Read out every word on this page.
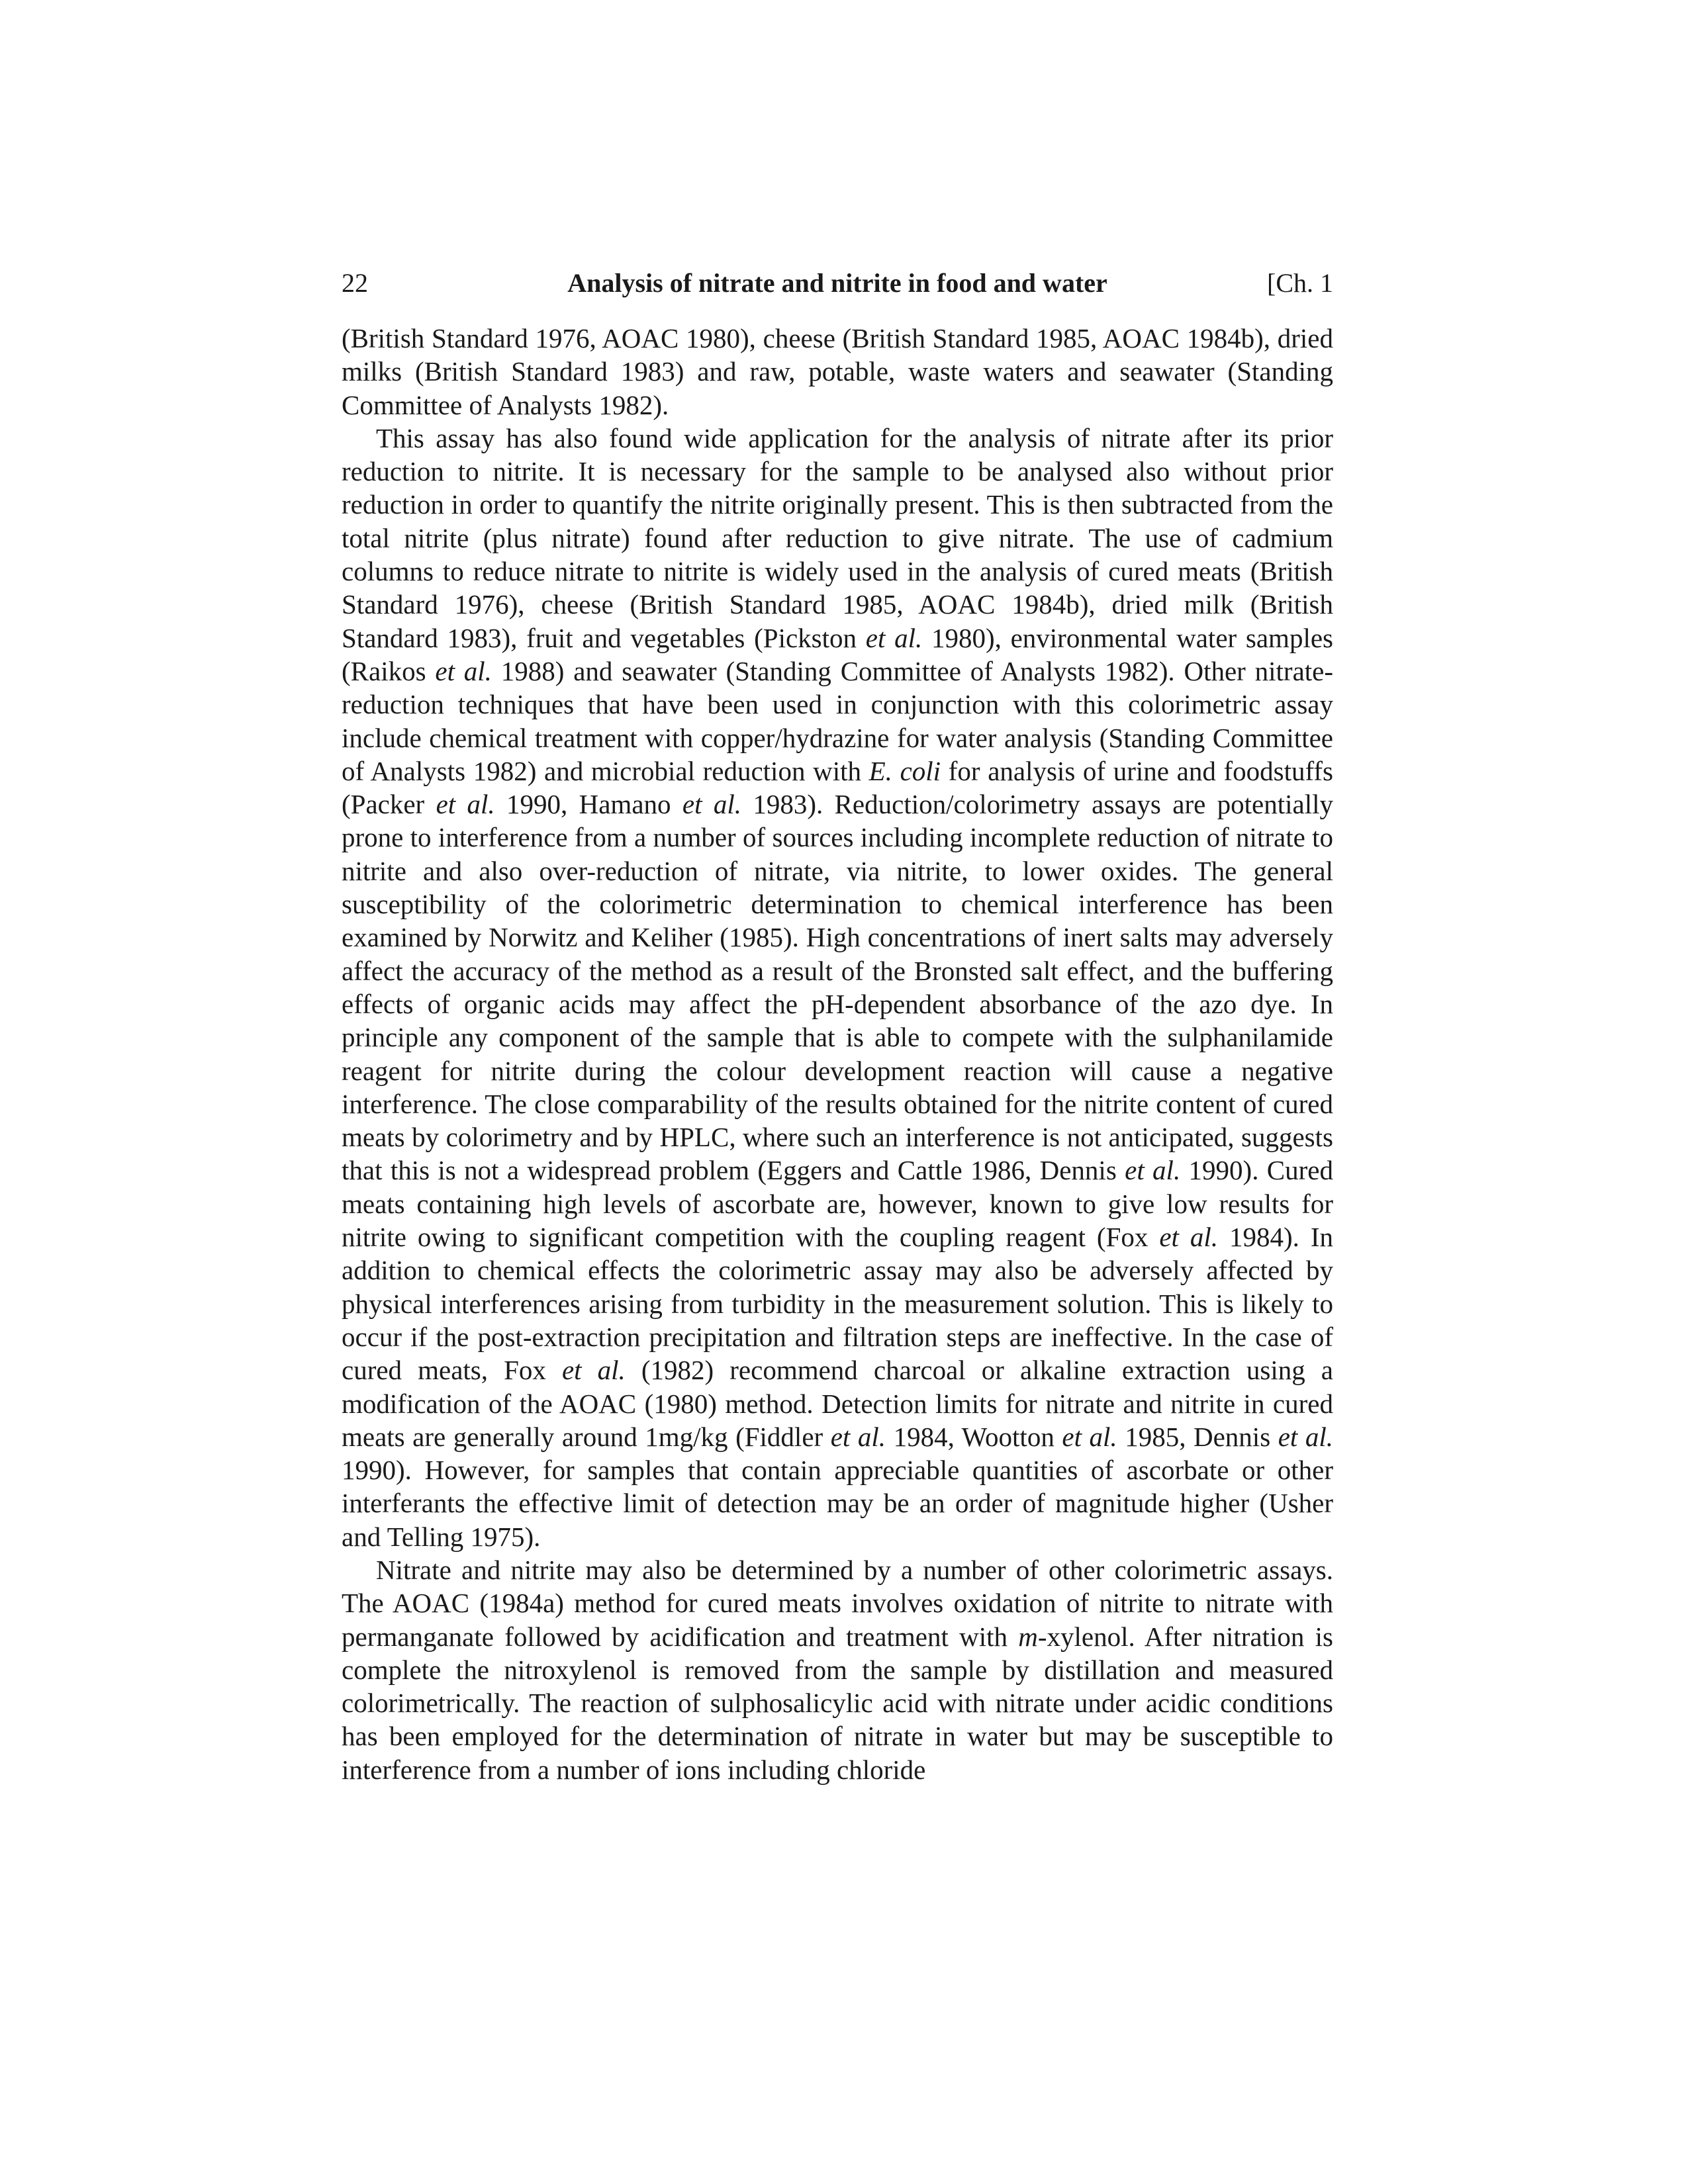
22	Analysis of nitrate and nitrite in food and water	[Ch. 1

(British Standard 1976, AOAC 1980), cheese (British Standard 1985, AOAC 1984b), dried milks (British Standard 1983) and raw, potable, waste waters and seawater (Standing Committee of Analysts 1982).

This assay has also found wide application for the analysis of nitrate after its prior reduction to nitrite. It is necessary for the sample to be analysed also without prior reduction in order to quantify the nitrite originally present. This is then subtracted from the total nitrite (plus nitrate) found after reduction to give nitrate. The use of cadmium columns to reduce nitrate to nitrite is widely used in the analysis of cured meats (British Standard 1976), cheese (British Standard 1985, AOAC 1984b), dried milk (British Standard 1983), fruit and vegetables (Pickston et al. 1980), environmental water samples (Raikos et al. 1988) and seawater (Standing Committee of Analysts 1982). Other nitrate-reduction techniques that have been used in conjunction with this colorimetric assay include chemical treatment with copper/hydrazine for water analysis (Standing Committee of Analysts 1982) and microbial reduction with E. coli for analysis of urine and foodstuffs (Packer et al. 1990, Hamano et al. 1983). Reduction/colorimetry assays are potentially prone to interference from a number of sources including incomplete reduction of nitrate to nitrite and also over-reduction of nitrate, via nitrite, to lower oxides. The general susceptibility of the colorimetric determination to chemical interference has been examined by Norwitz and Keliher (1985). High concentrations of inert salts may adversely affect the accuracy of the method as a result of the Bronsted salt effect, and the buffering effects of organic acids may affect the pH-dependent absorbance of the azo dye. In principle any component of the sample that is able to compete with the sulphanilamide reagent for nitrite during the colour development reaction will cause a negative interference. The close comparability of the results obtained for the nitrite content of cured meats by colorimetry and by HPLC, where such an interference is not anticipated, suggests that this is not a widespread problem (Eggers and Cattle 1986, Dennis et al. 1990). Cured meats containing high levels of ascorbate are, however, known to give low results for nitrite owing to significant competition with the coupling reagent (Fox et al. 1984). In addition to chemical effects the colorimetric assay may also be adversely affected by physical interferences arising from turbidity in the measurement solution. This is likely to occur if the post-extraction precipitation and filtration steps are ineffective. In the case of cured meats, Fox et al. (1982) recommend charcoal or alkaline extraction using a modification of the AOAC (1980) method. Detection limits for nitrate and nitrite in cured meats are generally around 1mg/kg (Fiddler et al. 1984, Wootton et al. 1985, Dennis et al. 1990). However, for samples that contain appreciable quantities of ascorbate or other interferants the effective limit of detection may be an order of magnitude higher (Usher and Telling 1975).

Nitrate and nitrite may also be determined by a number of other colorimetric assays. The AOAC (1984a) method for cured meats involves oxidation of nitrite to nitrate with permanganate followed by acidification and treatment with m-xylenol. After nitration is complete the nitroxylenol is removed from the sample by distillation and measured colorimetrically. The reaction of sulphosalicylic acid with nitrate under acidic conditions has been employed for the determination of nitrate in water but may be susceptible to interference from a number of ions including chloride
